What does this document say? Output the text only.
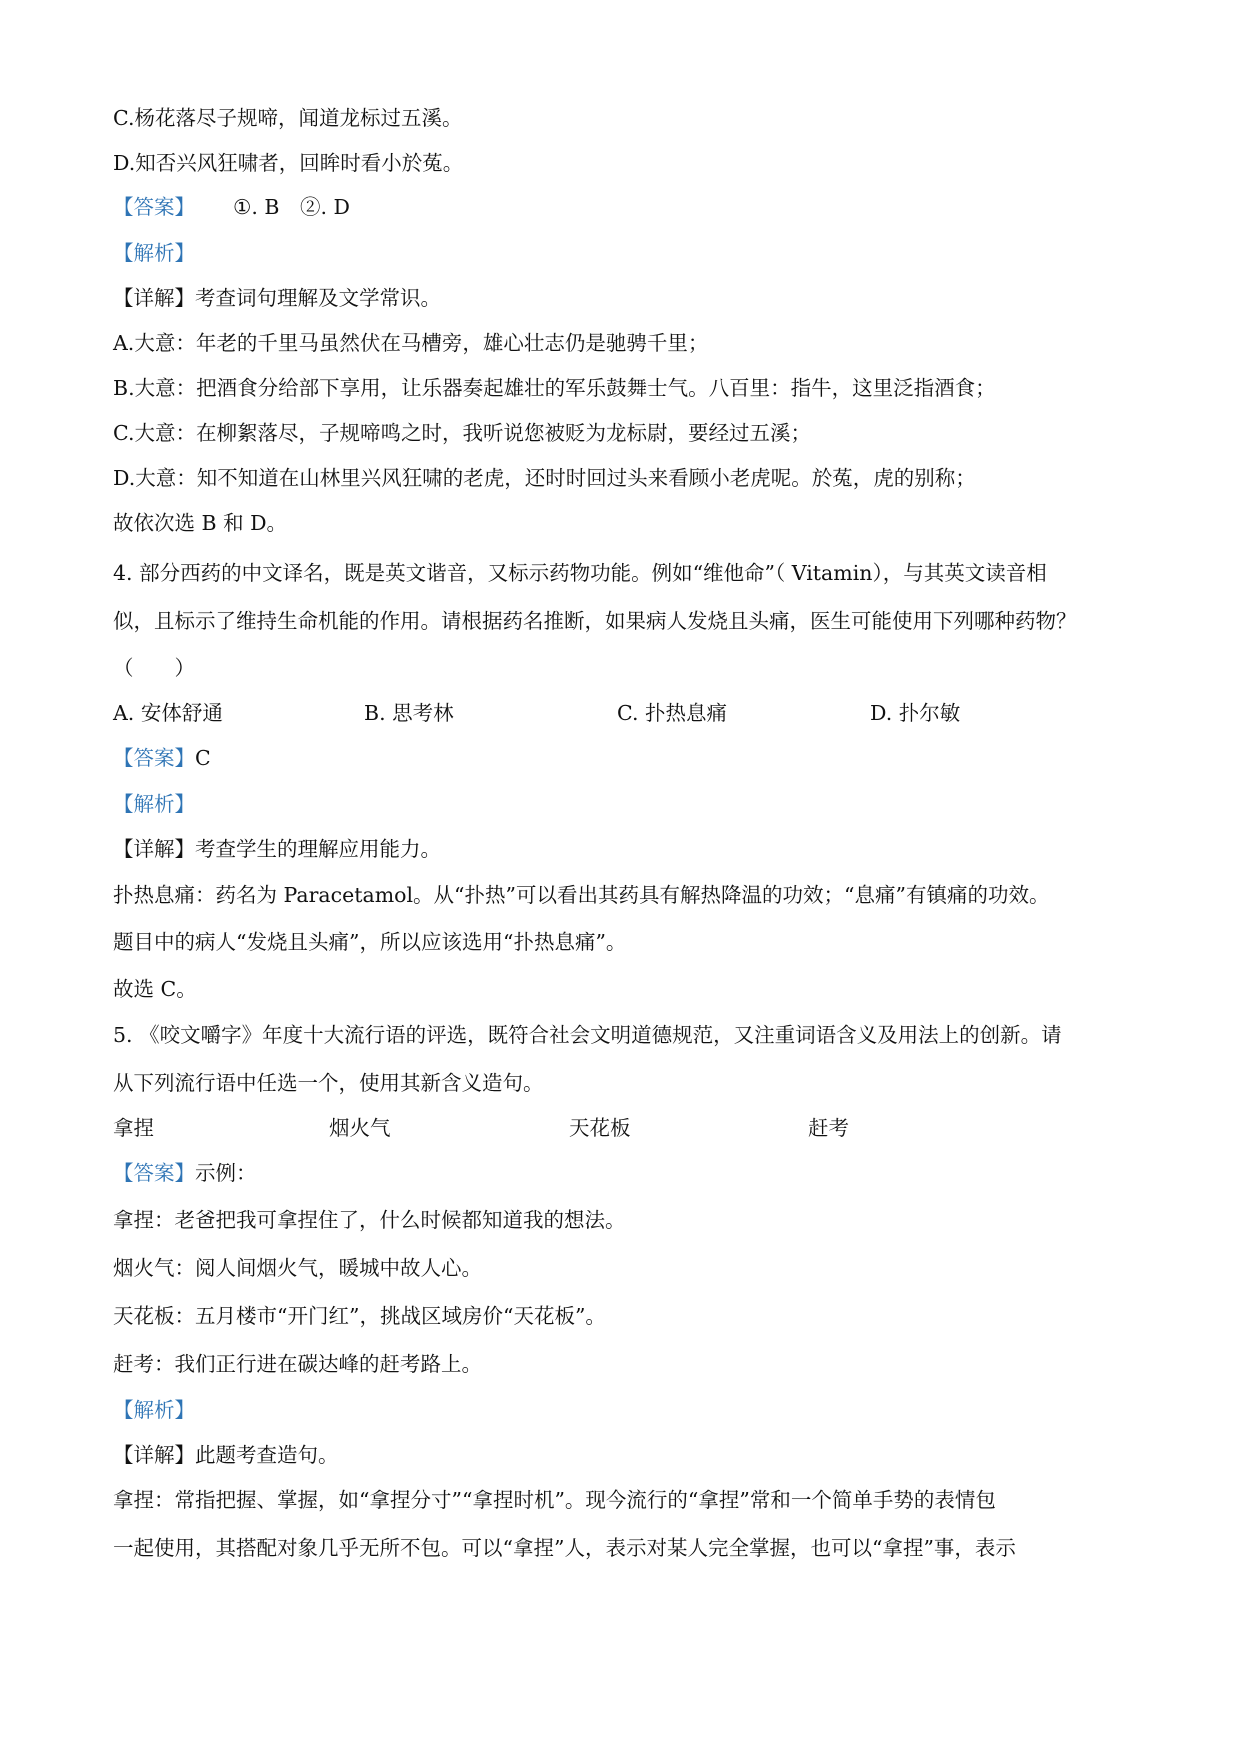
C.杨花落尽子规啼，闻道龙标过五溪。
D.知否兴风狂啸者，回眸时看小於菟。
【答案】 ①. B　②. D
【解析】
【详解】考查词句理解及文学常识。
A.大意：年老的千里马虽然伏在马槽旁，雄心壮志仍是驰骋千里；
B.大意：把酒食分给部下享用，让乐器奏起雄壮的军乐鼓舞士气。八百里：指牛，这里泛指酒食；
C.大意：在柳絮落尽，子规啼鸣之时，我听说您被贬为龙标尉，要经过五溪；
D.大意：知不知道在山林里兴风狂啸的老虎，还时时回过头来看顾小老虎呢。於菟，虎的别称；
故依次选 B 和 D。
4. 部分西药的中文译名，既是英文谐音，又标示药物功能。例如“维他命”（ Vitamin），与其英文读音相
似，且标示了维持生命机能的作用。请根据药名推断，如果病人发烧且头痛，医生可能使用下列哪种药物？
（　　）
A. 安体舒通	B. 思考林	C. 扑热息痛	D. 扑尔敏
【答案】C
【解析】
【详解】考查学生的理解应用能力。
扑热息痛：药名为 Paracetamol。从“扑热”可以看出其药具有解热降温的功效；“息痛”有镇痛的功效。
题目中的病人“发烧且头痛”，所以应该选用“扑热息痛”。
故选 C。
5. 《咬文嚼字》年度十大流行语的评选，既符合社会文明道德规范，又注重词语含义及用法上的创新。请
从下列流行语中任选一个，使用其新含义造句。
拿捏	烟火气	天花板	赶考
【答案】示例：
拿捏：老爸把我可拿捏住了，什么时候都知道我的想法。
烟火气：阅人间烟火气，暖城中故人心。
天花板：五月楼市“开门红”，挑战区域房价“天花板”。
赶考：我们正行进在碳达峰的赶考路上。
【解析】
【详解】此题考查造句。
拿捏：常指把握、掌握，如“拿捏分寸”“拿捏时机”。现今流行的“拿捏”常和一个简单手势的表情包
一起使用，其搭配对象几乎无所不包。可以“拿捏”人，表示对某人完全掌握，也可以“拿捏”事，表示
